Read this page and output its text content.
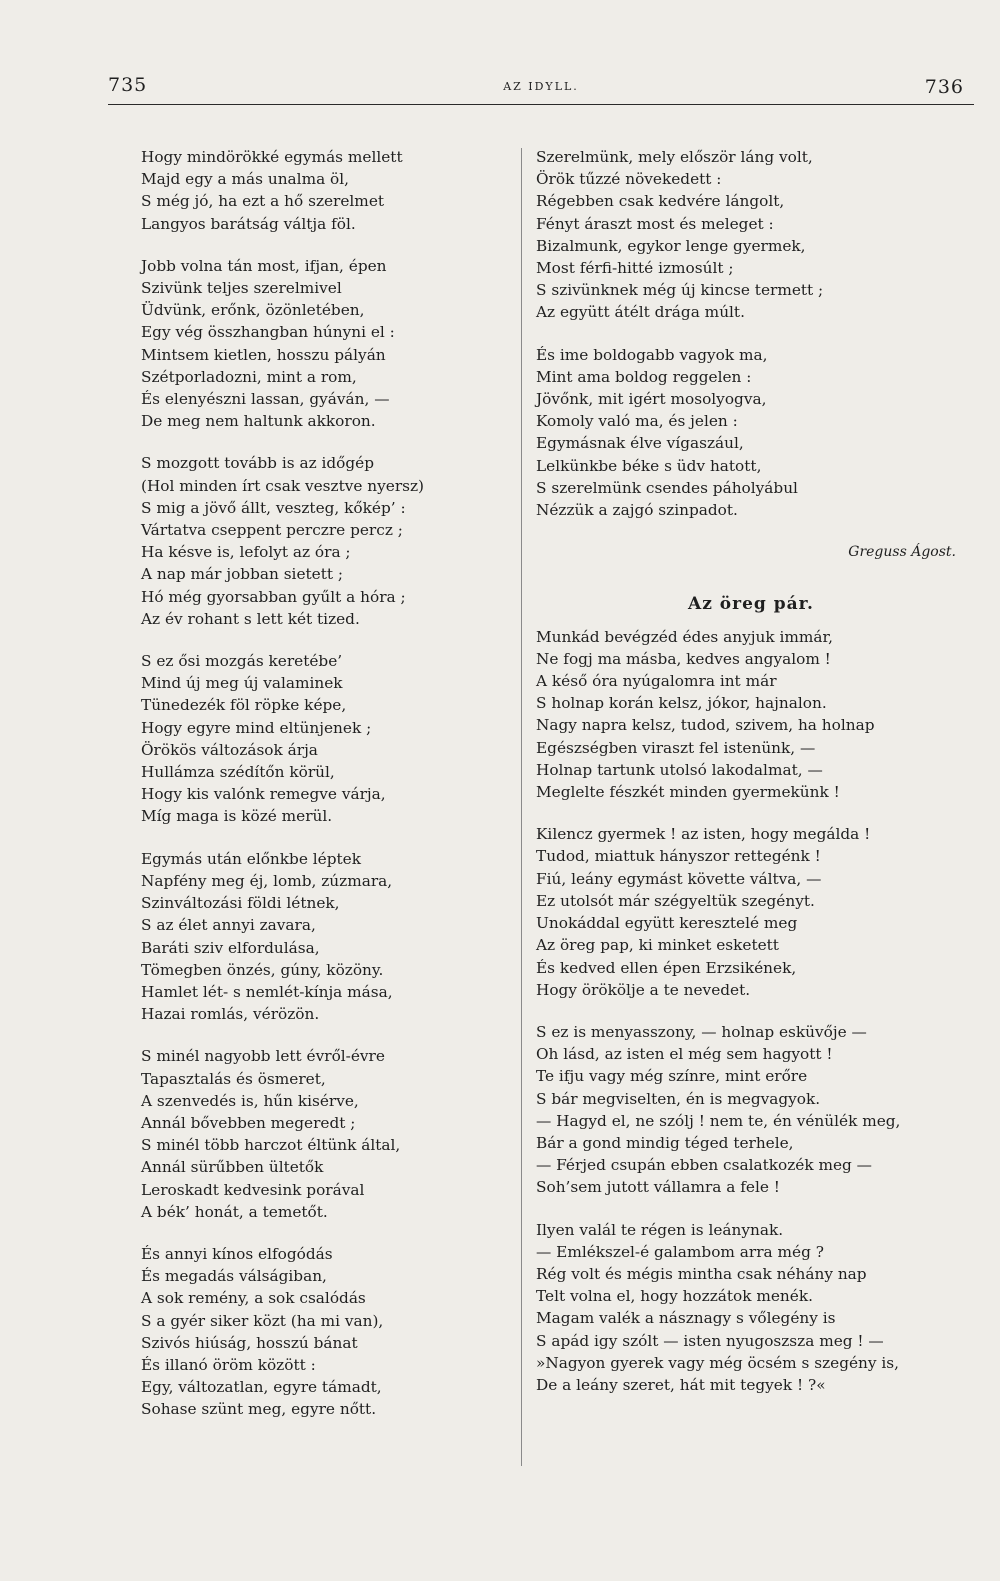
735	AZ IDYLL.	736
Hogy mindörökké egymás mellett
Majd egy a más unalma öl,
S még jó, ha ezt a hő szerelmet
Langyos barátság váltja föl.
Jobb volna tán most, ifjan, épen
Szivünk teljes szerelmivel
Üdvünk, erőnk, özönletében,
Egy vég összhangban húnyni el :
Mintsem kietlen, hosszu pályán
Szétporladozni, mint a rom,
És elenyészni lassan, gyáván, —
De meg nem haltunk akkoron.
S mozgott tovább is az időgép
(Hol minden írt csak vesztve nyersz)
S mig a jövő állt, veszteg, kőkép’ :
Vártatva cseppent perczre percz ;
Ha késve is, lefolyt az óra ;
A nap már jobban sietett ;
Hó még gyorsabban gyűlt a hóra ;
Az év rohant s lett két tized.
S ez ősi mozgás keretébe’
Mind új meg új valaminek
Tünedezék föl röpke képe,
Hogy egyre mind eltünjenek ;
Örökös változások árja
Hullámza szédítőn körül,
Hogy kis valónk remegve várja,
Míg maga is közé merül.
Egymás után előnkbe léptek
Napfény meg éj, lomb, zúzmara,
Szinváltozási földi létnek,
S az élet annyi zavara,
Baráti sziv elfordulása,
Tömegben önzés, gúny, közöny.
Hamlet lét- s nemlét-kínja mása,
Hazai romlás, vérözön.
S minél nagyobb lett évről-évre
Tapasztalás és ösmeret,
A szenvedés is, hűn kisérve,
Annál bővebben megeredt ;
S minél több harczot éltünk által,
Annál sürűbben ültetők
Leroskadt kedvesink porával
A bék’ honát, a temetőt.
És annyi kínos elfogódás
És megadás válságiban,
A sok remény, a sok csalódás
S a gyér siker közt (ha mi van),
Szivós hiúság, hosszú bánat
És illanó öröm között :
Egy, változatlan, egyre támadt,
Sohase szünt meg, egyre nőtt.
Szerelmünk, mely először láng volt,
Örök tűzzé növekedett :
Régebben csak kedvére lángolt,
Fényt áraszt most és meleget :
Bizalmunk, egykor lenge gyermek,
Most férfi-hitté izmosúlt ;
S szivünknek még új kincse termett ;
Az együtt átélt drága múlt.
És ime boldogabb vagyok ma,
Mint ama boldog reggelen :
Jövőnk, mit igért mosolyogva,
Komoly való ma, és jelen :
Egymásnak élve vígaszául,
Lelkünkbe béke s üdv hatott,
S szerelmünk csendes páholyábul
Nézzük a zajgó szinpadot.
Greguss Ágost.
Az öreg pár.
Munkád bevégzéd édes anyjuk immár,
Ne fogj ma másba, kedves angyalom !
A késő óra nyúgalomra int már
S holnap korán kelsz, jókor, hajnalon.
Nagy napra kelsz, tudod, szivem, ha holnap
Egészségben viraszt fel istenünk, —
Holnap tartunk utolsó lakodalmat, —
Meglelte fészkét minden gyermekünk !
Kilencz gyermek ! az isten, hogy megálda !
Tudod, miattuk hányszor rettegénk !
Fiú, leány egymást követte váltva, —
Ez utolsót már szégyeltük szegényt.
Unokáddal együtt keresztelé meg
Az öreg pap, ki minket esketett
És kedved ellen épen Erzsikének,
Hogy örökölje a te nevedet.
S ez is menyasszony, — holnap esküvője —
Oh lásd, az isten el még sem hagyott !
Te ifju vagy még színre, mint erőre
S bár megviselten, én is megvagyok.
— Hagyd el, ne szólj ! nem te, én vénülék meg,
Bár a gond mindig téged terhele,
— Férjed csupán ebben csalatkozék meg —
Soh’sem jutott vállamra a fele !
Ilyen valál te régen is leánynak.
— Emlékszel-é galambom arra még ?
Rég volt és mégis mintha csak néhány nap
Telt volna el, hogy hozzátok menék.
Magam valék a násznagy s vőlegény is
S apád igy szólt — isten nyugoszsza meg ! —
»Nagyon gyerek vagy még öcsém s szegény is,
De a leány szeret, hát mit tegyek ! ?«
